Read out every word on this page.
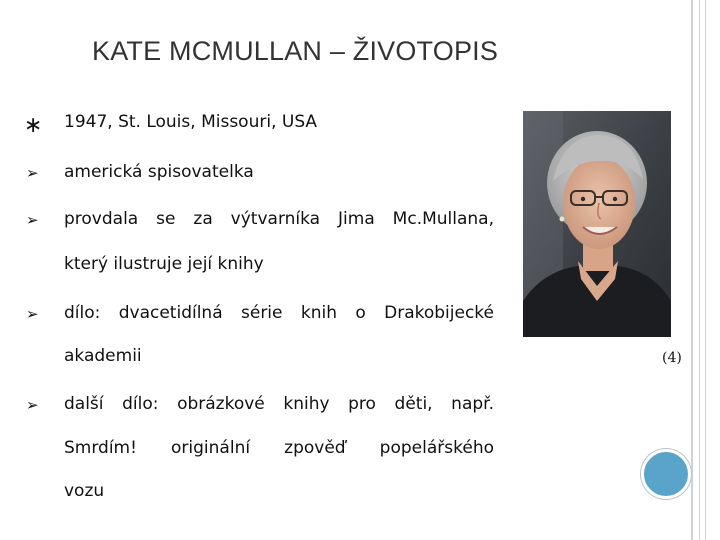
KATE MCMULLAN – ŽIVOTOPIS
∗ 1947, St. Louis, Missouri, USA
➢ americká spisovatelka
➢ provdala se za výtvarníka Jima Mc.Mullana,
který ilustruje její knihy
➢ dílo: dvacetidílná série knih o Drakobijecké
akademii
➢ další dílo: obrázkové knihy pro děti, např.
Smrdím! originální zpověď popelářského
vozu
(4)
